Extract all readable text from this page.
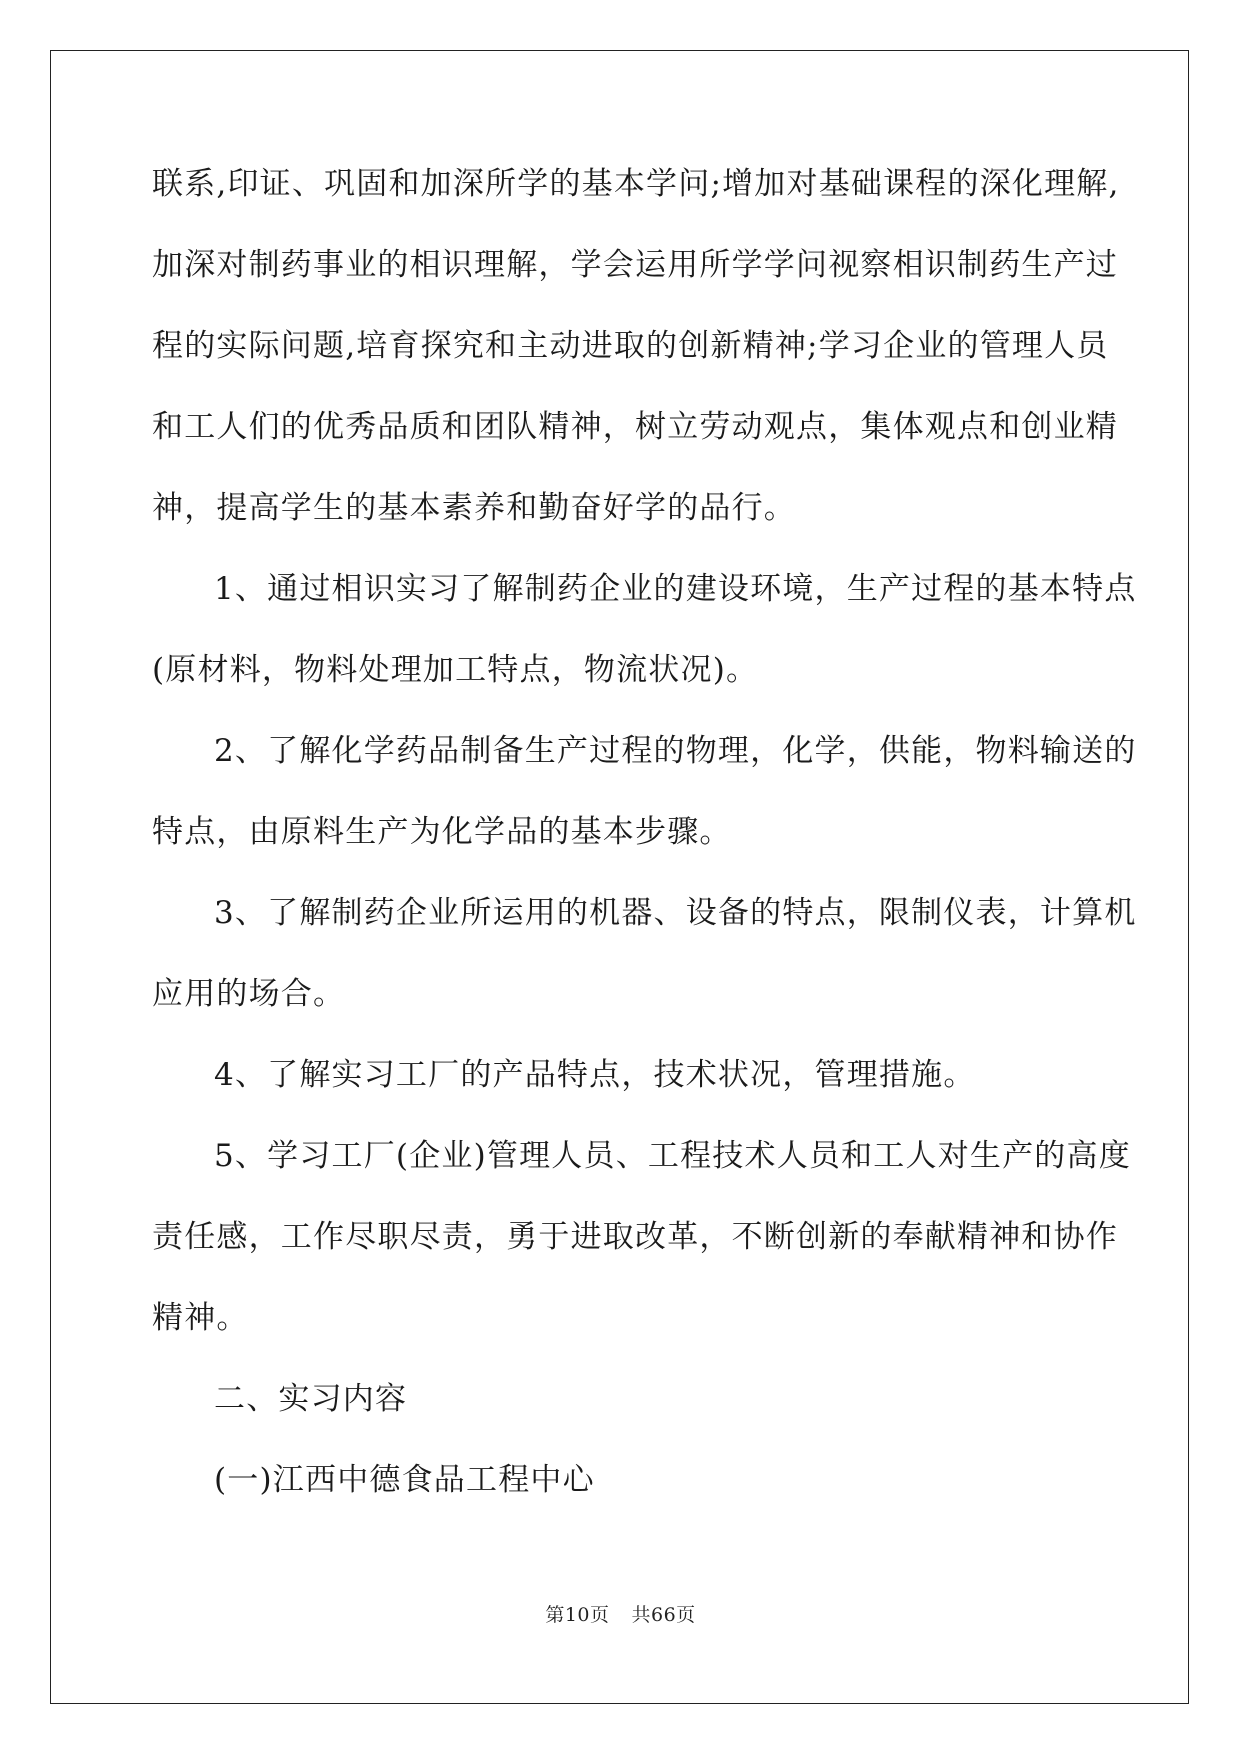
联系,印证、巩固和加深所学的基本学问;增加对基础课程的深化理解,
加深对制药事业的相识理解，学会运用所学学问视察相识制药生产过
程的实际问题,培育探究和主动进取的创新精神;学习企业的管理人员
和工人们的优秀品质和团队精神，树立劳动观点，集体观点和创业精
神，提高学生的基本素养和勤奋好学的品行。
1、通过相识实习了解制药企业的建设环境，生产过程的基本特点
(原材料，物料处理加工特点，物流状况)。
2、了解化学药品制备生产过程的物理，化学，供能，物料输送的
特点，由原料生产为化学品的基本步骤。
3、了解制药企业所运用的机器、设备的特点，限制仪表，计算机
应用的场合。
4、了解实习工厂的产品特点，技术状况，管理措施。
5、学习工厂(企业)管理人员、工程技术人员和工人对生产的高度
责任感，工作尽职尽责，勇于进取改革，不断创新的奉献精神和协作
精神。
二、实习内容
(一)江西中德食品工程中心
第10页 共66页
